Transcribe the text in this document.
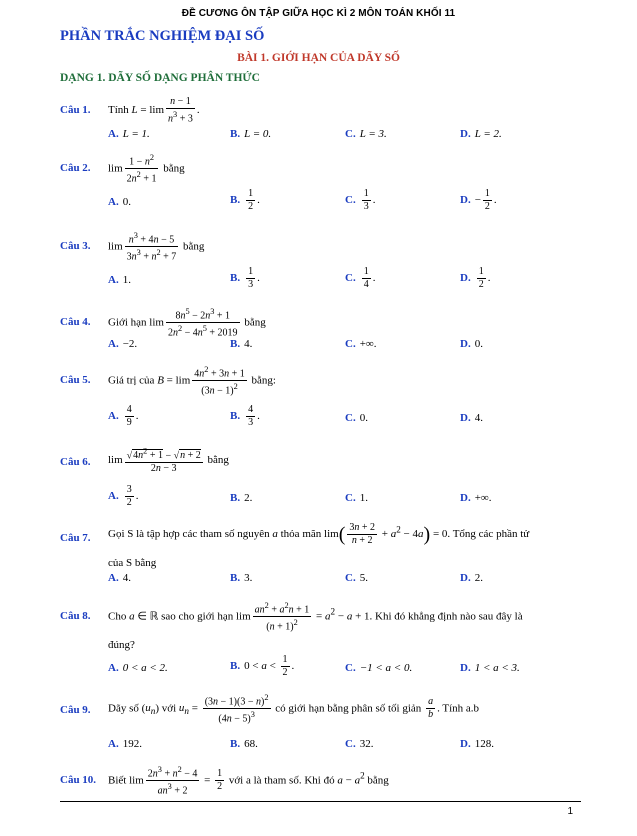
ĐỀ CƯƠNG ÔN TẬP GIỮA HỌC KÌ 2 MÔN TOÁN KHỐI 11
PHẦN TRẮC NGHIỆM ĐẠI SỐ
BÀI 1. GIỚI HẠN CỦA DÃY SỐ
DẠNG 1. DÃY SỐ DẠNG PHÂN THỨC
Câu 1. Tính $L = \lim \frac{n - 1}{n^3 + 3}$ .
A. L = 1.	B. L = 0.	C. L = 3.	D. L = 2.
Câu 2. $\lim \frac{1 - n^2}{2n^2 + 1}$ bằng
A. 0.	B. $\frac{1}{2}$ .	C. $\frac{1}{3}$ .	D. − $\frac{1}{2}$ .
Câu 3. $\lim \frac{n^3 + 4n - 5}{3n^3 + n^2 + 7}$ bằng
A. 1.	B. $\frac{1}{3}$ .	C. $\frac{1}{4}$ .	D. $\frac{1}{2}$ .
Câu 4. Giới hạn $\lim \frac{8n^5 - 2n^3 + 1}{2n^2 - 4n^5 + 2019}$ bằng
A. −2.	B. 4.	C. +∞.	D. 0.
Câu 5. Giá trị của $B = \lim \frac{4n^2 + 3n + 1}{(3n - 1)^2}$ bằng:
A. $\frac{4}{9}$ .	B. $\frac{4}{3}$ .	C. 0.	D. 4.
Câu 6. $\lim \frac{√4n^2 + 1 - √n + 2}{2n - 3}$ bằng
A. $\frac{3}{2}$ .	B. 2.	C. 1.	D. +∞.
Câu 7. Gọi S là tập hợp các tham số nguyên a thỏa mãn $\lim( \frac{3n + 2}{n + 2} + a^2 - 4a) = 0$. Tổng các phần tử
của S bằng
A. 4.	B. 3.	C. 5.	D. 2.
Câu 8. Cho a ∈ ℝ sao cho giới hạn $\lim \frac{an^2 + a^2n + 1}{(n + 1)^2} = a^2 - a + 1$. Khi đó khẳng định nào sau đây là
đúng?
A. 0 < a < 2.	B. $0 < a < \frac{1}{2}$ .	C. −1 < a < 0.	D. 1 < a < 3.
Câu 9. Dãy số $(u_n)$ với $u_n = \frac{(3n - 1)(3 - n)^2}{(4n - 5)^3}$ có giới hạn bằng phân số tối giản $\frac{a}{b}$ . Tính a.b
A. 192.	B. 68.	C. 32.	D. 128.
Câu 10. Biết $\lim \frac{2n^3 + n^2 - 4}{an^3 + 2} = \frac{1}{2}$ với a là tham số. Khi đó $a - a^2$ bằng
1
